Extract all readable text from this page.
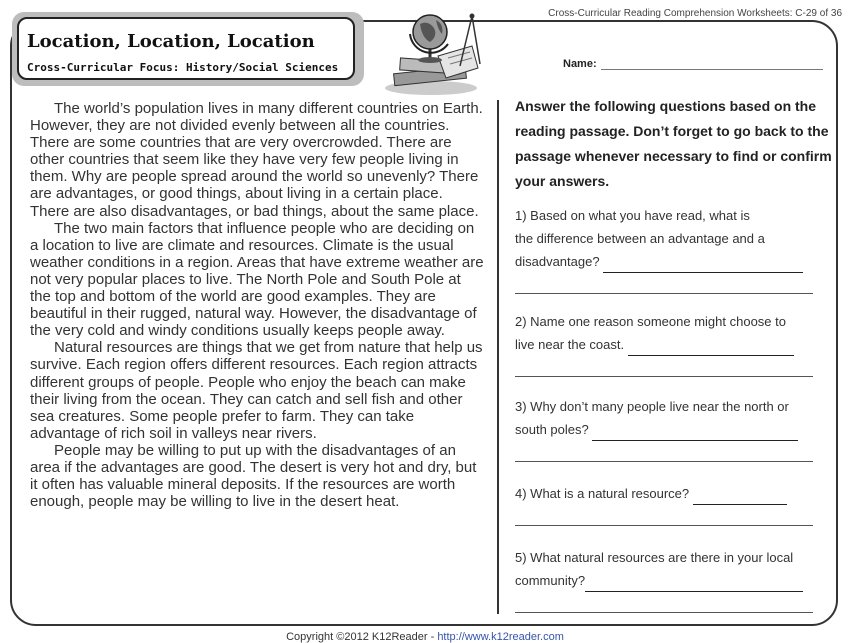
Cross-Curricular Reading Comprehension Worksheets: C-29 of 36
Location, Location, Location
Cross-Curricular Focus: History/Social Sciences	Name:

The world’s population lives in many different countries on Earth. However, they are not divided evenly between all the countries. There are some countries that are very overcrowded. There are other countries that seem like they have very few people living in them. Why are people spread around the world so unevenly? There are advantages, or good things, about living in a certain place. There are also disadvantages, or bad things, about the same place.

The two main factors that influence people who are deciding on a location to live are climate and resources. Climate is the usual weather conditions in a region. Areas that have extreme weather are not very popular places to live. The North Pole and South Pole at the top and bottom of the world are good examples. They are beautiful in their rugged, natural way. However, the disadvantage of the very cold and windy conditions usually keeps people away.

Natural resources are things that we get from nature that help us survive. Each region offers different resources. Each region attracts different groups of people. People who enjoy the beach can make their living from the ocean. They can catch and sell fish and other sea creatures. Some people prefer to farm. They can take advantage of rich soil in valleys near rivers.

People may be willing to put up with the disadvantages of an area if the advantages are good. The desert is very hot and dry, but it often has valuable mineral deposits. If the resources are worth enough, people may be willing to live in the desert heat.

Answer the following questions based on the reading passage. Don’t forget to go back to the passage whenever necessary to find or confirm your answers.
1) Based on what you have read, what is
the difference between an advantage and a
disadvantage?
2) Name one reason someone might choose to
live near the coast.
3) Why don’t many people live near the north or
south poles?
4) What is a natural resource?
5) What natural resources are there in your local
community?
Copyright ©2012 K12Reader - http://www.k12reader.com
